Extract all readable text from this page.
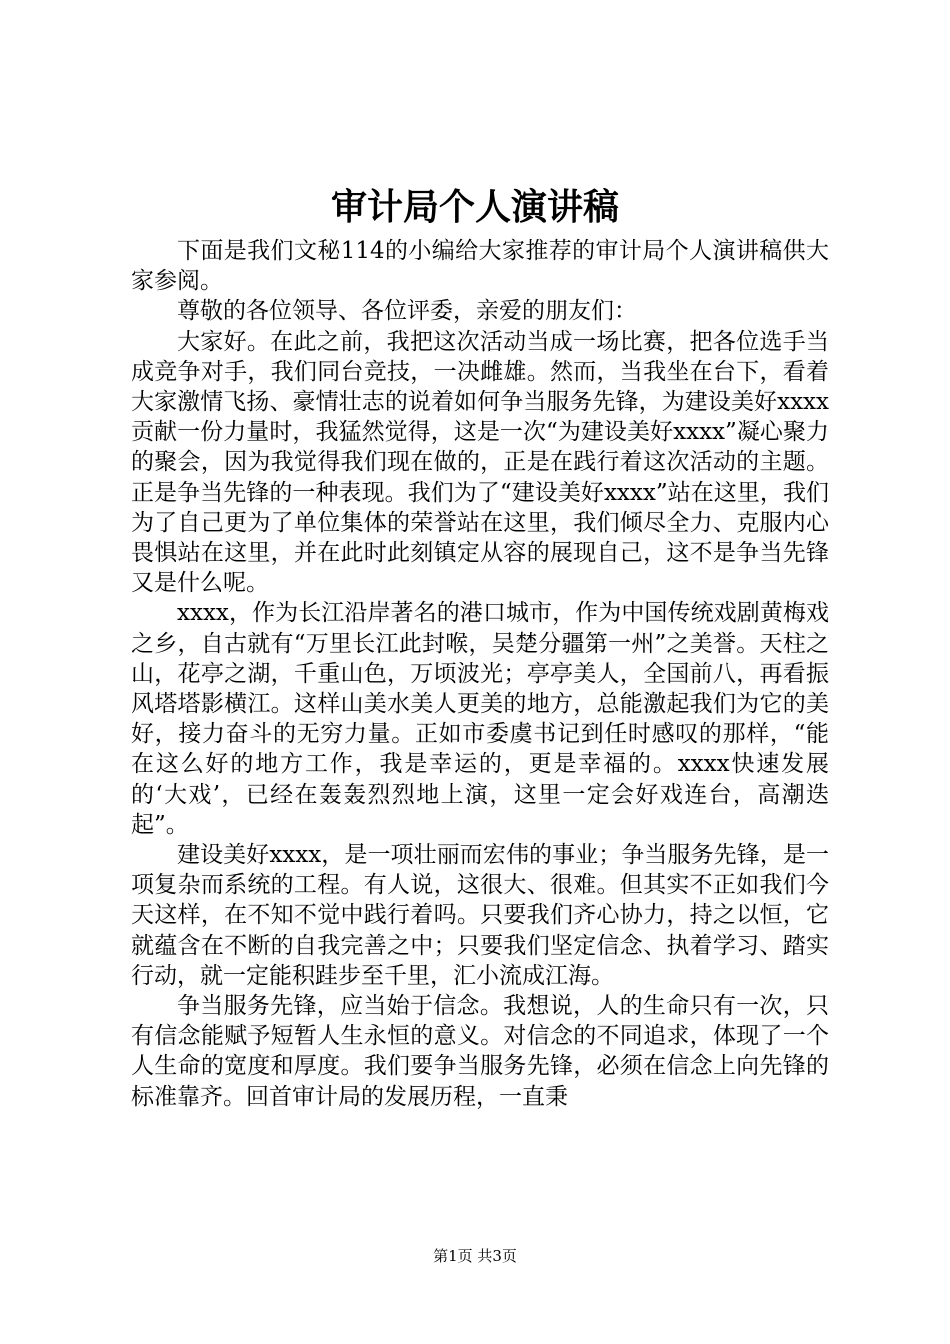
审计局个人演讲稿

下面是我们文秘114的小编给大家推荐的审计局个人演讲稿供大家参阅。

尊敬的各位领导、各位评委，亲爱的朋友们：

大家好。在此之前，我把这次活动当成一场比赛，把各位选手当成竞争对手，我们同台竞技，一决雌雄。然而，当我坐在台下，看着大家激情飞扬、豪情壮志的说着如何争当服务先锋，为建设美好xxxx贡献一份力量时，我猛然觉得，这是一次“为建设美好xxxx”凝心聚力的聚会，因为我觉得我们现在做的，正是在践行着这次活动的主题。正是争当先锋的一种表现。我们为了“建设美好xxxx”站在这里，我们为了自己更为了单位集体的荣誉站在这里，我们倾尽全力、克服内心畏惧站在这里，并在此时此刻镇定从容的展现自己，这不是争当先锋又是什么呢。

xxxx，作为长江沿岸著名的港口城市，作为中国传统戏剧黄梅戏之乡，自古就有“万里长江此封喉，吴楚分疆第一州”之美誉。天柱之山，花亭之湖，千重山色，万顷波光；亭亭美人，全国前八，再看振风塔塔影横江。这样山美水美人更美的地方，总能激起我们为它的美好，接力奋斗的无穷力量。正如市委虞书记到任时感叹的那样，“能在这么好的地方工作，我是幸运的，更是幸福的。xxxx快速发展的‘大戏’，已经在轰轰烈烈地上演，这里一定会好戏连台，高潮迭起”。

建设美好xxxx，是一项壮丽而宏伟的事业；争当服务先锋，是一项复杂而系统的工程。有人说，这很大、很难。但其实不正如我们今天这样，在不知不觉中践行着吗。只要我们齐心协力，持之以恒，它就蕴含在不断的自我完善之中；只要我们坚定信念、执着学习、踏实行动，就一定能积跬步至千里，汇小流成江海。

争当服务先锋，应当始于信念。我想说，人的生命只有一次，只有信念能赋予短暂人生永恒的意义。对信念的不同追求，体现了一个人生命的宽度和厚度。我们要争当服务先锋，必须在信念上向先锋的标准靠齐。回首审计局的发展历程，一直秉

第1页 共3页
